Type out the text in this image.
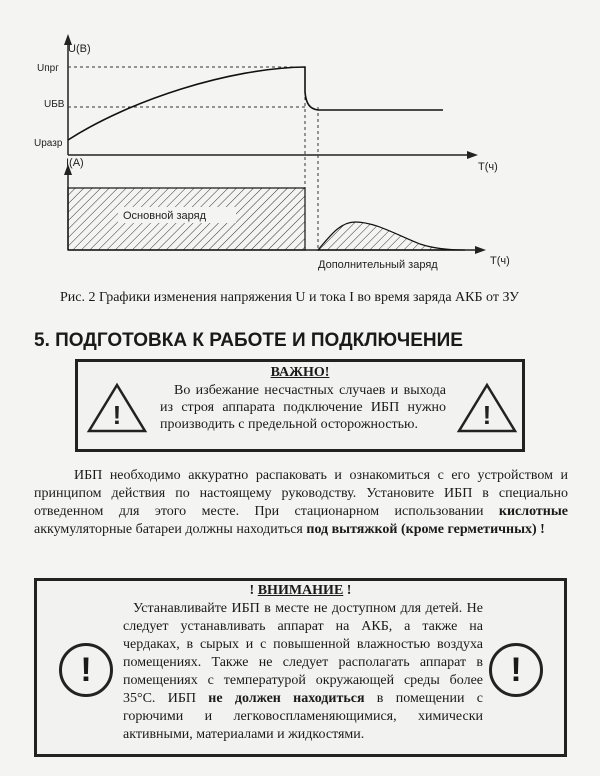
U(B)
T(ч)
Uпрг
UБВ
Uразр
I(A)
T(ч)
Основной заряд
Дополнительный заряд
Рис. 2 Графики изменения напряжения U и тока I во время заряда АКБ от ЗУ
5. ПОДГОТОВКА К РАБОТЕ И ПОДКЛЮЧЕНИЕ
!
ВАЖНО!
Во избежание несчастных случаев и выхода из строя аппарата подключение ИБП нужно производить с предельной осторожностью.	!
ИБП необходимо аккуратно распаковать и ознакомиться с его устройством и принципом действия по настоящему руководству. Установите ИБП в специально отведенном для этого месте. При стационарном использовании кислотные аккумуляторные батареи должны находиться под вытяжкой (кроме герметичных) !
! ВНИМАНИЕ !
!
Устанавливайте ИБП в месте не доступном для детей. Не следует устанавливать аппарат на АКБ, а также на чердаках, в сырых и с повышенной влажностью воздуха помещениях. Также не следует располагать аппарат в помещениях с температурой окружающей среды более 35°С. ИБП не должен находиться в помещении с горючими и легковоспламеняющимися, химически активными, материалами и жидкостями.
!
